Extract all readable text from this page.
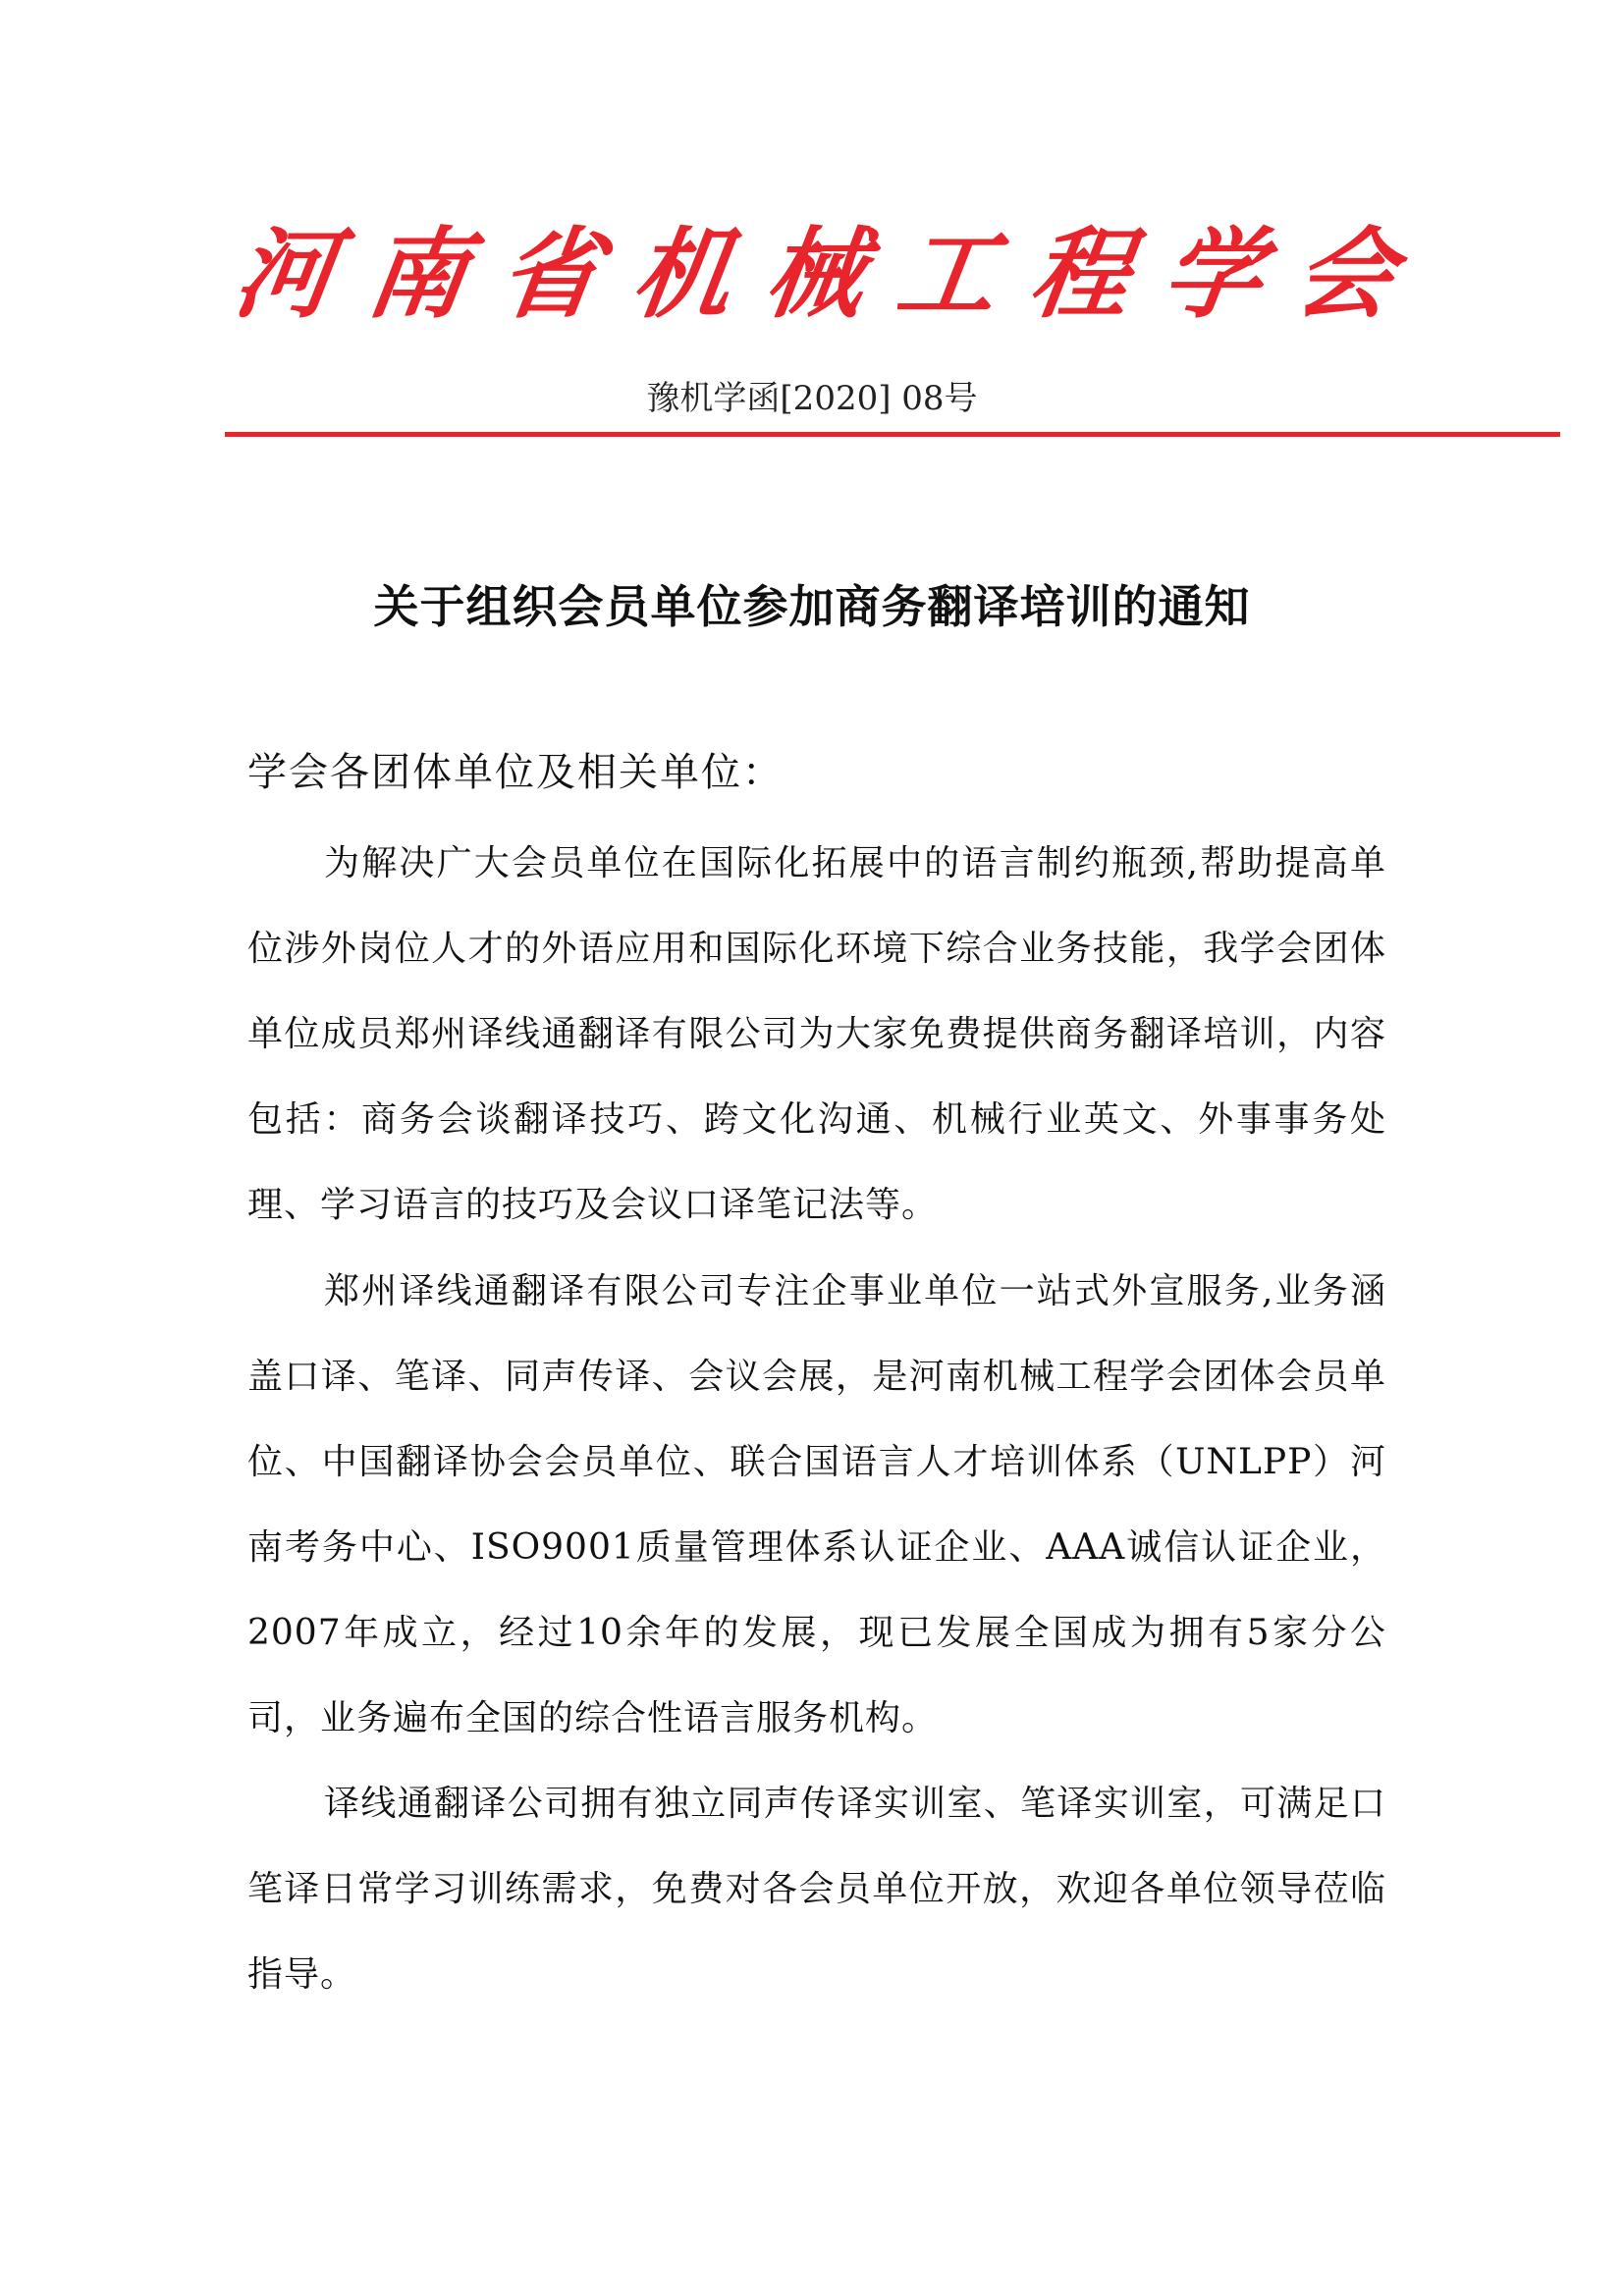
河 南 省 机 械 工 程 学 会
豫机学函[2020] 08号
关于组织会员单位参加商务翻译培训的通知
学会各团体单位及相关单位：

为解决广大会员单位在国际化拓展中的语言制约瓶颈,帮助提高单位涉外岗位人才的外语应用和国际化环境下综合业务技能，我学会团体单位成员郑州译线通翻译有限公司为大家免费提供商务翻译培训，内容包括：商务会谈翻译技巧、跨文化沟通、机械行业英文、外事事务处理、学习语言的技巧及会议口译笔记法等。

郑州译线通翻译有限公司专注企事业单位一站式外宣服务,业务涵盖口译、笔译、同声传译、会议会展，是河南机械工程学会团体会员单位、中国翻译协会会员单位、联合国语言人才培训体系（UNLPP）河南考务中心、ISO9001质量管理体系认证企业、AAA诚信认证企业，2007年成立，经过10余年的发展，现已发展全国成为拥有5家分公司，业务遍布全国的综合性语言服务机构。

译线通翻译公司拥有独立同声传译实训室、笔译实训室，可满足口笔译日常学习训练需求，免费对各会员单位开放，欢迎各单位领导莅临指导。
